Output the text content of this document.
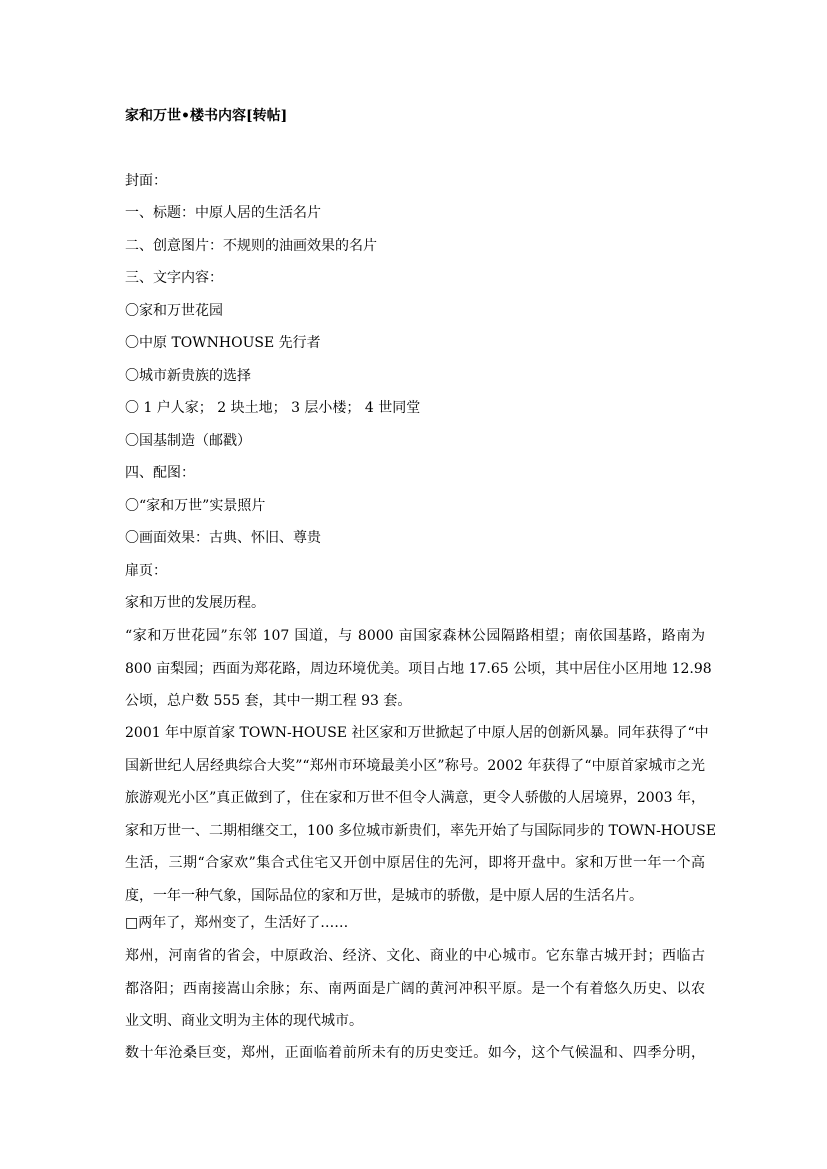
家和万世•楼书内容[转帖]
封面：
一、标题：中原人居的生活名片
二、创意图片：不规则的油画效果的名片
三、文字内容：
〇家和万世花园
〇中原 TOWNHOUSE 先行者
〇城市新贵族的选择
〇 1 户人家； 2 块土地； 3 层小楼； 4 世同堂
〇国基制造（邮戳）
四、配图：
〇“家和万世”实景照片
〇画面效果：古典、怀旧、尊贵
扉页：
家和万世的发展历程。
“家和万世花园”东邻 107 国道，与 8000 亩国家森林公园隔路相望；南依国基路，路南为
800 亩梨园；西面为郑花路，周边环境优美。项目占地 17.65 公顷，其中居住小区用地 12.98
公顷，总户数 555 套，其中一期工程 93 套。
2001 年中原首家 TOWN-HOUSE 社区家和万世掀起了中原人居的创新风暴。同年获得了“中
国新世纪人居经典综合大奖”“郑州市环境最美小区”称号。2002 年获得了“中原首家城市之光
旅游观光小区”真正做到了，住在家和万世不但令人满意，更令人骄傲的人居境界，2003 年，
家和万世一、二期相继交工，100 多位城市新贵们，率先开始了与国际同步的 TOWN-HOUSE
生活，三期“合家欢”集合式住宅又开创中原居住的先河，即将开盘中。家和万世一年一个高
度，一年一种气象，国际品位的家和万世，是城市的骄傲，是中原人居的生活名片。
□两年了，郑州变了，生活好了……
郑州，河南省的省会，中原政治、经济、文化、商业的中心城市。它东靠古城开封；西临古
都洛阳；西南接嵩山余脉；东、南两面是广阔的黄河冲积平原。是一个有着悠久历史、以农
业文明、商业文明为主体的现代城市。
数十年沧桑巨变，郑州，正面临着前所未有的历史变迁。如今，这个气候温和、四季分明，
